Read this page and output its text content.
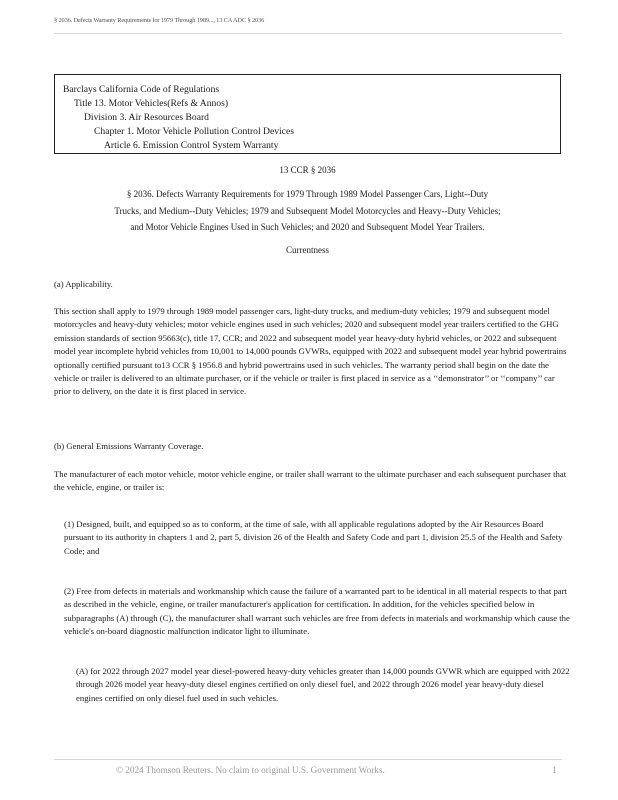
§ 2036. Defects Warranty Requirements for 1979 Through 1989..., 13 CA ADC § 2036
Barclays California Code of Regulations
Title 13. Motor Vehicles(Refs & Annos)
Division 3. Air Resources Board
Chapter 1. Motor Vehicle Pollution Control Devices
Article 6. Emission Control System Warranty
13 CCR § 2036
§ 2036. Defects Warranty Requirements for 1979 Through 1989 Model Passenger Cars, Light--Duty
Trucks, and Medium--Duty Vehicles; 1979 and Subsequent Model Motorcycles and Heavy--Duty Vehicles;
and Motor Vehicle Engines Used in Such Vehicles; and 2020 and Subsequent Model Year Trailers.
Currentness
(a) Applicability.
This section shall apply to 1979 through 1989 model passenger cars, light-duty trucks, and medium-duty vehicles; 1979 and subsequent model motorcycles and heavy-duty vehicles; motor vehicle engines used in such vehicles; 2020 and subsequent model year trailers certified to the GHG emission standards of section 95663(c), title 17, CCR; and 2022 and subsequent model year heavy-duty hybrid vehicles, or 2022 and subsequent model year incomplete hybrid vehicles from 10,001 to 14,000 pounds GVWRs, equipped with 2022 and subsequent model year hybrid powertrains optionally certified pursuant to13 CCR § 1956.8 and hybrid powertrains used in such vehicles. The warranty period shall begin on the date the vehicle or trailer is delivered to an ultimate purchaser, or if the vehicle or trailer is first placed in service as a ‘‘demonstrator’’ or ‘‘company’’ car prior to delivery, on the date it is first placed in service.
(b) General Emissions Warranty Coverage.
The manufacturer of each motor vehicle, motor vehicle engine, or trailer shall warrant to the ultimate purchaser and each subsequent purchaser that the vehicle, engine, or trailer is:
(1) Designed, built, and equipped so as to conform, at the time of sale, with all applicable regulations adopted by the Air Resources Board pursuant to its authority in chapters 1 and 2, part 5, division 26 of the Health and Safety Code and part 1, division 25.5 of the Health and Safety Code; and
(2) Free from defects in materials and workmanship which cause the failure of a warranted part to be identical in all material respects to that part as described in the vehicle, engine, or trailer manufacturer's application for certification. In addition, for the vehicles specified below in subparagraphs (A) through (C), the manufacturer shall warrant such vehicles are free from defects in materials and workmanship which cause the vehicle's on-board diagnostic malfunction indicator light to illuminate.
(A) for 2022 through 2027 model year diesel-powered heavy-duty vehicles greater than 14,000 pounds GVWR which are equipped with 2022 through 2026 model year heavy-duty diesel engines certified on only diesel fuel, and 2022 through 2026 model year heavy-duty diesel engines certified on only diesel fuel used in such vehicles.
© 2024 Thomson Reuters. No claim to original U.S. Government Works.	1
